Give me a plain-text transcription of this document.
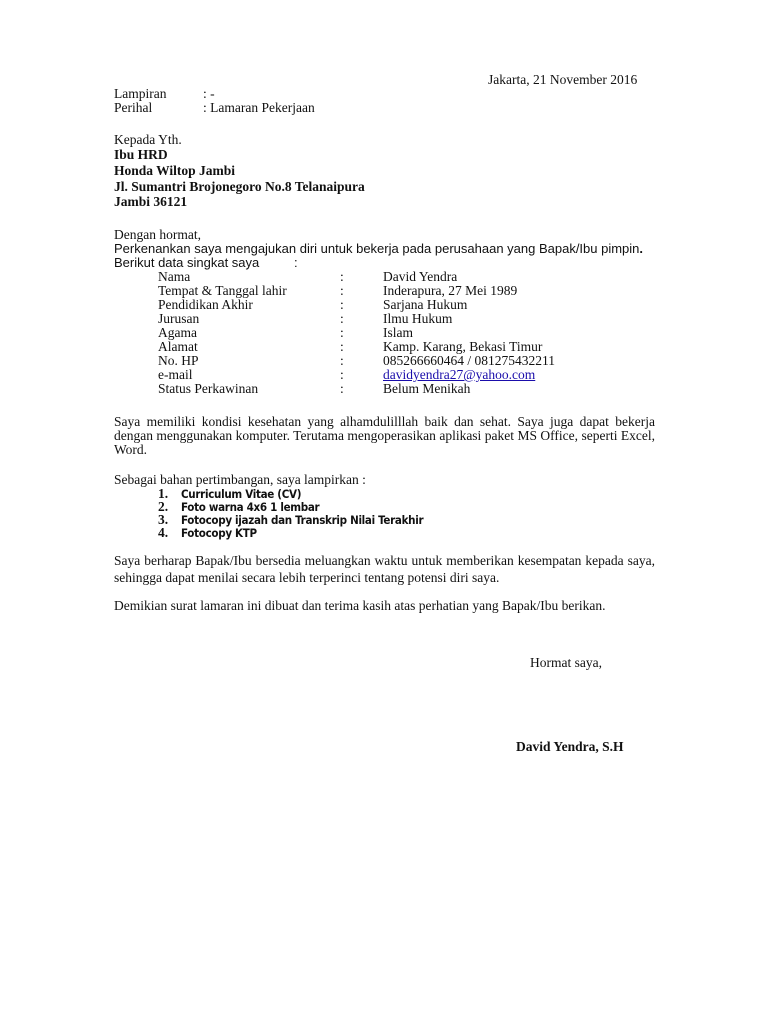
Jakarta, 21 November 2016
Lampiran	: -
Perihal	: Lamaran Pekerjaan
Kepada Yth.
Ibu HRD
Honda Wiltop Jambi
Jl. Sumantri Brojonegoro No.8 Telanaipura
Jambi 36121
Dengan hormat,
Perkenankan saya mengajukan diri untuk bekerja pada perusahaan yang Bapak/Ibu pimpin.
Berikut data singkat saya	:
Nama	:	David Yendra
Tempat & Tanggal lahir	:	Inderapura, 27 Mei 1989
Pendidikan Akhir	:	Sarjana Hukum
Jurusan	:	Ilmu Hukum
Agama	:	Islam
Alamat	:	Kamp. Karang, Bekasi Timur
No. HP	:	085266660464 / 081275432211
e-mail	:	davidyendra27@yahoo.com
Status Perkawinan	:	Belum Menikah
Saya memiliki kondisi kesehatan yang alhamdulilllah baik dan sehat. Saya juga dapat bekerja dengan menggunakan komputer. Terutama mengoperasikan aplikasi paket MS Office, seperti Excel, Word.
Sebagai bahan pertimbangan, saya lampirkan :
1. Curriculum Vitae (CV)
2. Foto warna 4x6 1 lembar
3. Fotocopy ijazah dan Transkrip Nilai Terakhir
4. Fotocopy KTP
Saya berharap Bapak/Ibu bersedia meluangkan waktu untuk memberikan kesempatan kepada saya, sehingga dapat menilai secara lebih terperinci tentang potensi diri saya.
Demikian surat lamaran ini dibuat dan terima kasih atas perhatian yang Bapak/Ibu berikan.
Hormat saya,
David Yendra, S.H
